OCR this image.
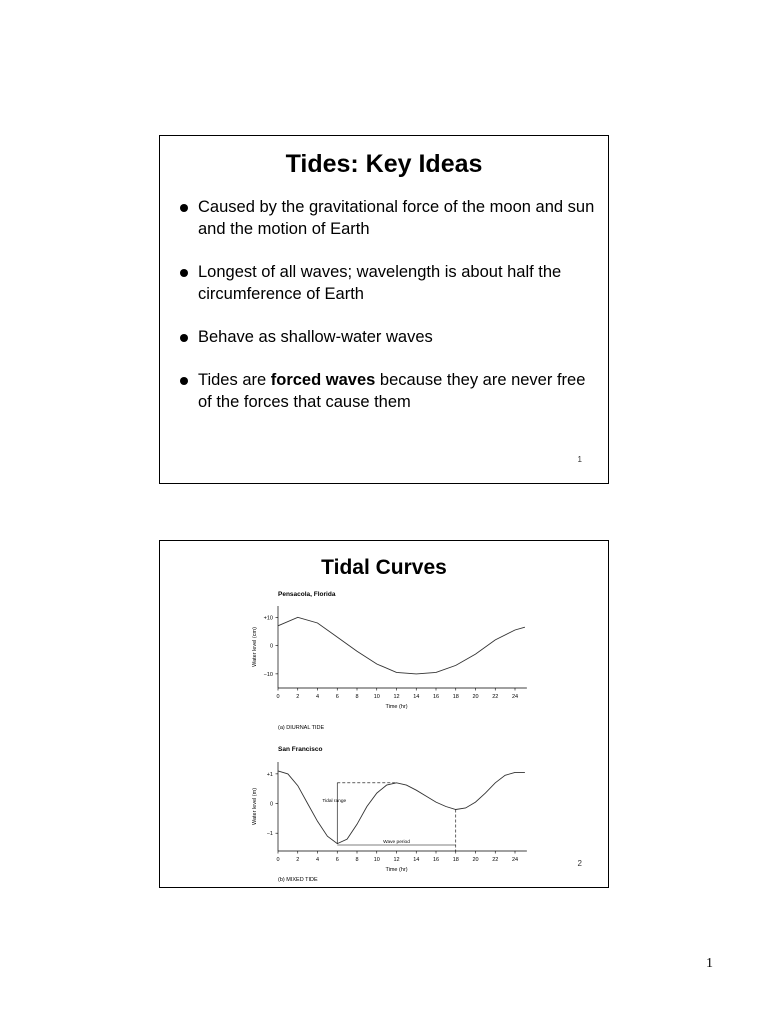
Tides: Key Ideas
Caused by the gravitational force of the moon and sun and the motion of Earth
Longest of all waves; wavelength is about half the circumference of Earth
Behave as shallow-water waves
Tides are forced waves because they are never free of the forces that cause them
1
Tidal Curves
Pensacola, Florida
0	2	4	6	8	10 12 14 16 18 20 22 24
Time (hr)
+10
0
−10
Water level (cm)
(a) DIURNAL TIDE
San Francisco
0	2	4	6	8	10 12 14 16 18 20 22 24
Time (hr)
+1
0
−1
Water level (m)
(b) MIXED TIDE
Tidal range
Wave period
2
1
